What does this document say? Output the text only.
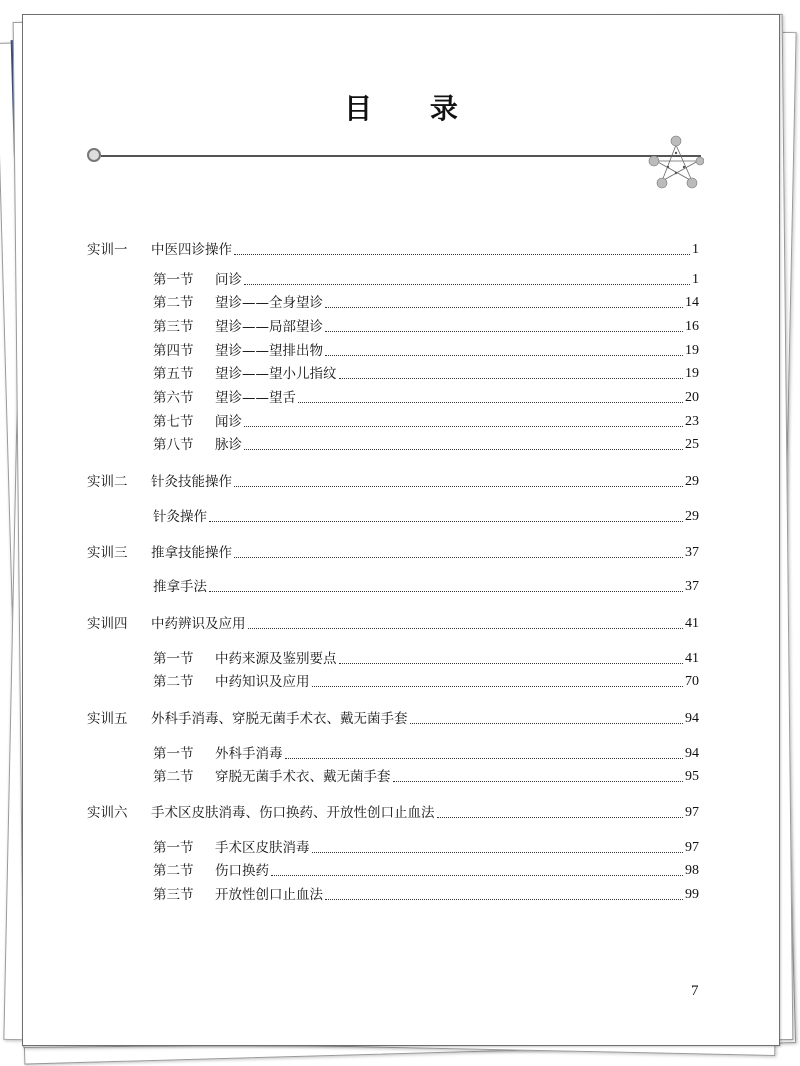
目 录
实训一 中医四诊操作	1
第一节 问诊	1
第二节 望诊——全身望诊	14
第三节 望诊——局部望诊	16
第四节 望诊——望排出物	19
第五节 望诊——望小儿指纹	19
第六节 望诊——望舌	20
第七节 闻诊	23
第八节 脉诊	25
实训二 针灸技能操作	29
针灸操作	29
实训三 推拿技能操作	37
推拿手法	37
实训四 中药辨识及应用	41
第一节 中药来源及鉴别要点	41
第二节 中药知识及应用	70
实训五 外科手消毒、穿脱无菌手术衣、戴无菌手套	94
第一节 外科手消毒	94
第二节 穿脱无菌手术衣、戴无菌手套	95
实训六 手术区皮肤消毒、伤口换药、开放性创口止血法	97
第一节 手术区皮肤消毒	97
第二节 伤口换药	98
第三节 开放性创口止血法	99
7
